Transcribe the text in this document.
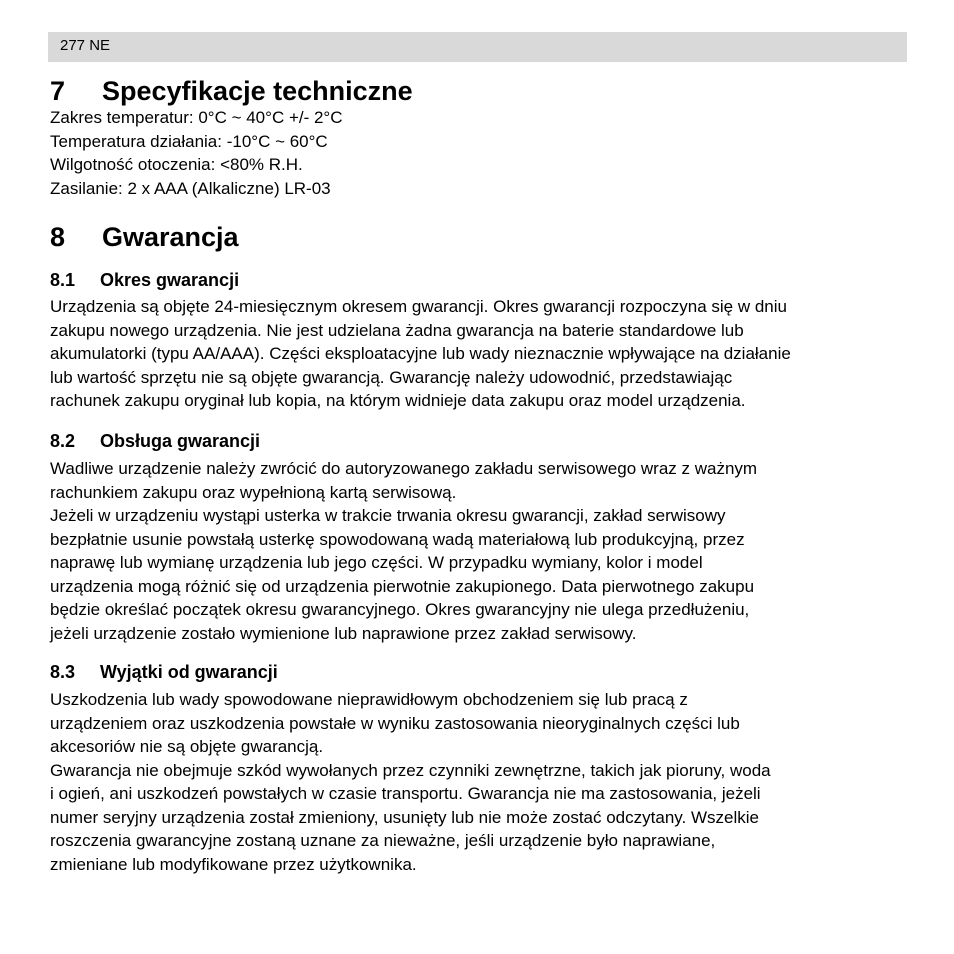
277 NE
7	Specyfikacje techniczne

Zakres temperatur: 0°C ~ 40°C +/- 2°C

Temperatura działania: -10°C ~ 60°C

Wilgotność otoczenia: <80% R.H.

Zasilanie: 2 x AAA (Alkaliczne) LR-03

8	Gwarancja
8.1	Okres gwarancji

Urządzenia są objęte 24-miesięcznym okresem gwarancji. Okres gwarancji rozpoczyna się w dniu

zakupu nowego urządzenia. Nie jest udzielana żadna gwarancja na baterie standardowe lub

akumulatorki (typu AA/AAA). Części eksploatacyjne lub wady nieznacznie wpływające na działanie

lub wartość sprzętu nie są objęte gwarancją. Gwarancję należy udowodnić, przedstawiając

rachunek zakupu oryginał lub kopia, na którym widnieje data zakupu oraz model urządzenia.

8.2	Obsługa gwarancji

Wadliwe urządzenie należy zwrócić do autoryzowanego zakładu serwisowego wraz z ważnym

rachunkiem zakupu oraz wypełnioną kartą serwisową.

Jeżeli w urządzeniu wystąpi usterka w trakcie trwania okresu gwarancji, zakład serwisowy

bezpłatnie usunie powstałą usterkę spowodowaną wadą materiałową lub produkcyjną, przez

naprawę lub wymianę urządzenia lub jego części. W przypadku wymiany, kolor i model

urządzenia mogą różnić się od urządzenia pierwotnie zakupionego. Data pierwotnego zakupu

będzie określać początek okresu gwarancyjnego. Okres gwarancyjny nie ulega przedłużeniu,

jeżeli urządzenie zostało wymienione lub naprawione przez zakład serwisowy.

8.3	Wyjątki od gwarancji

Uszkodzenia lub wady spowodowane nieprawidłowym obchodzeniem się lub pracą z

urządzeniem oraz uszkodzenia powstałe w wyniku zastosowania nieoryginalnych części lub

akcesoriów nie są objęte gwarancją.

Gwarancja nie obejmuje szkód wywołanych przez czynniki zewnętrzne, takich jak pioruny, woda

i ogień, ani uszkodzeń powstałych w czasie transportu. Gwarancja nie ma zastosowania, jeżeli

numer seryjny urządzenia został zmieniony, usunięty lub nie może zostać odczytany. Wszelkie

roszczenia gwarancyjne zostaną uznane za nieważne, jeśli urządzenie było naprawiane,

zmieniane lub modyfikowane przez użytkownika.
